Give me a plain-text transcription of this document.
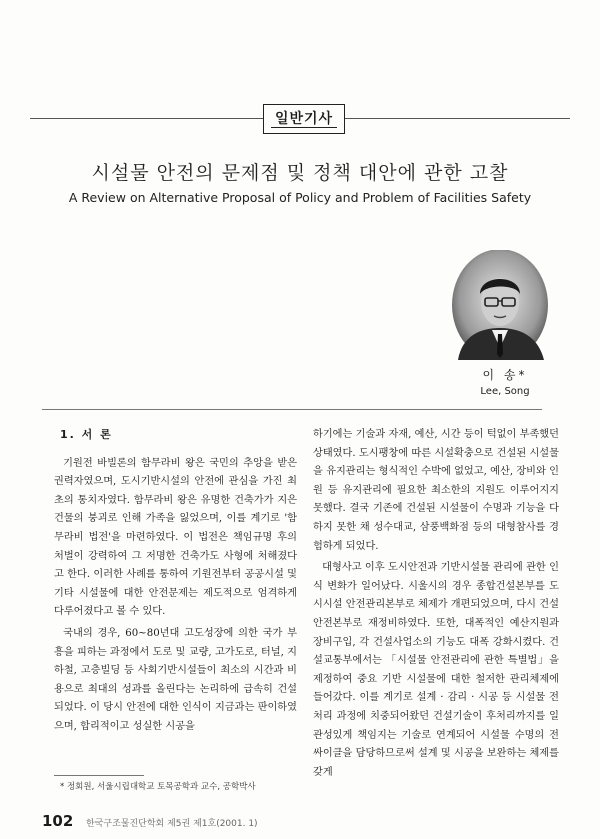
일반기사
시설물 안전의 문제점 및 정책 대안에 관한 고찰
A Review on Alternative Proposal of Policy and Problem of Facilities Safety
이 송*
Lee, Song
1. 서 론

기원전 바빌론의 함무라비 왕은 국민의 추앙을 받은 권력자였으며, 도시기반시설의 안전에 관심을 가진 최초의 통치자였다. 함무라비 왕은 유명한 건축가가 지은 건물의 붕괴로 인해 가족을 잃었으며, 이를 계기로 '함무라비 법전'을 마련하였다. 이 법전은 책임규명 후의 처벌이 강력하여 그 저명한 건축가도 사형에 처해졌다고 한다. 이러한 사례를 통하여 기원전부터 공공시설 및 기타 시설물에 대한 안전문제는 제도적으로 엄격하게 다루어졌다고 볼 수 있다.

국내의 경우, 60~80년대 고도성장에 의한 국가 부흥을 피하는 과정에서 도로 및 교량, 고가도로, 터널, 지하철, 고층빌딩 등 사회기반시설들이 최소의 시간과 비용으로 최대의 성과를 올린다는 논리하에 급속히 건설되었다. 이 당시 안전에 대한 인식이 지금과는 판이하였으며, 합리적이고 성실한 시공을

하기에는 기술과 자재, 예산, 시간 등이 턱없이 부족했던 상태였다. 도시팽창에 따른 시설확충으로 건설된 시설물을 유지관리는 형식적인 수박에 없었고, 예산, 장비와 인원 등 유지관리에 필요한 최소한의 지원도 이루어지지 못했다. 결국 기존에 건설된 시설물이 수명과 기능을 다하지 못한 채 성수대교, 삼풍백화점 등의 대형참사를 경험하게 되었다.

대형사고 이후 도시안전과 기반시설물 관리에 관한 인식 변화가 일어났다. 시울시의 경우 종합건설본부를 도시시설 안전관리본부로 체제가 개편되었으며, 다시 건설안전본부로 재정비하였다. 또한, 대폭적인 예산지원과 장비구입, 각 건설사업소의 기능도 대폭 강화시켰다. 건설교통부에서는 「시설물 안전관리에 관한 특별법」을 제정하여 중요 기반 시설물에 대한 철저한 관리체제에 들어갔다. 이를 계기로 설계 · 감리 · 시공 등 시설물 전처리 과정에 치중되어왔던 건설기술이 후처리까지를 일관성있게 책임지는 기술로 연계되어 시설물 수명의 전 싸이클을 담당하므로써 설계 및 시공을 보완하는 체제를 갖게

* 정회원, 서울시립대학교 토목공학과 교수, 공학박사
102 한국구조물진단학회 제5권 제1호(2001. 1)
